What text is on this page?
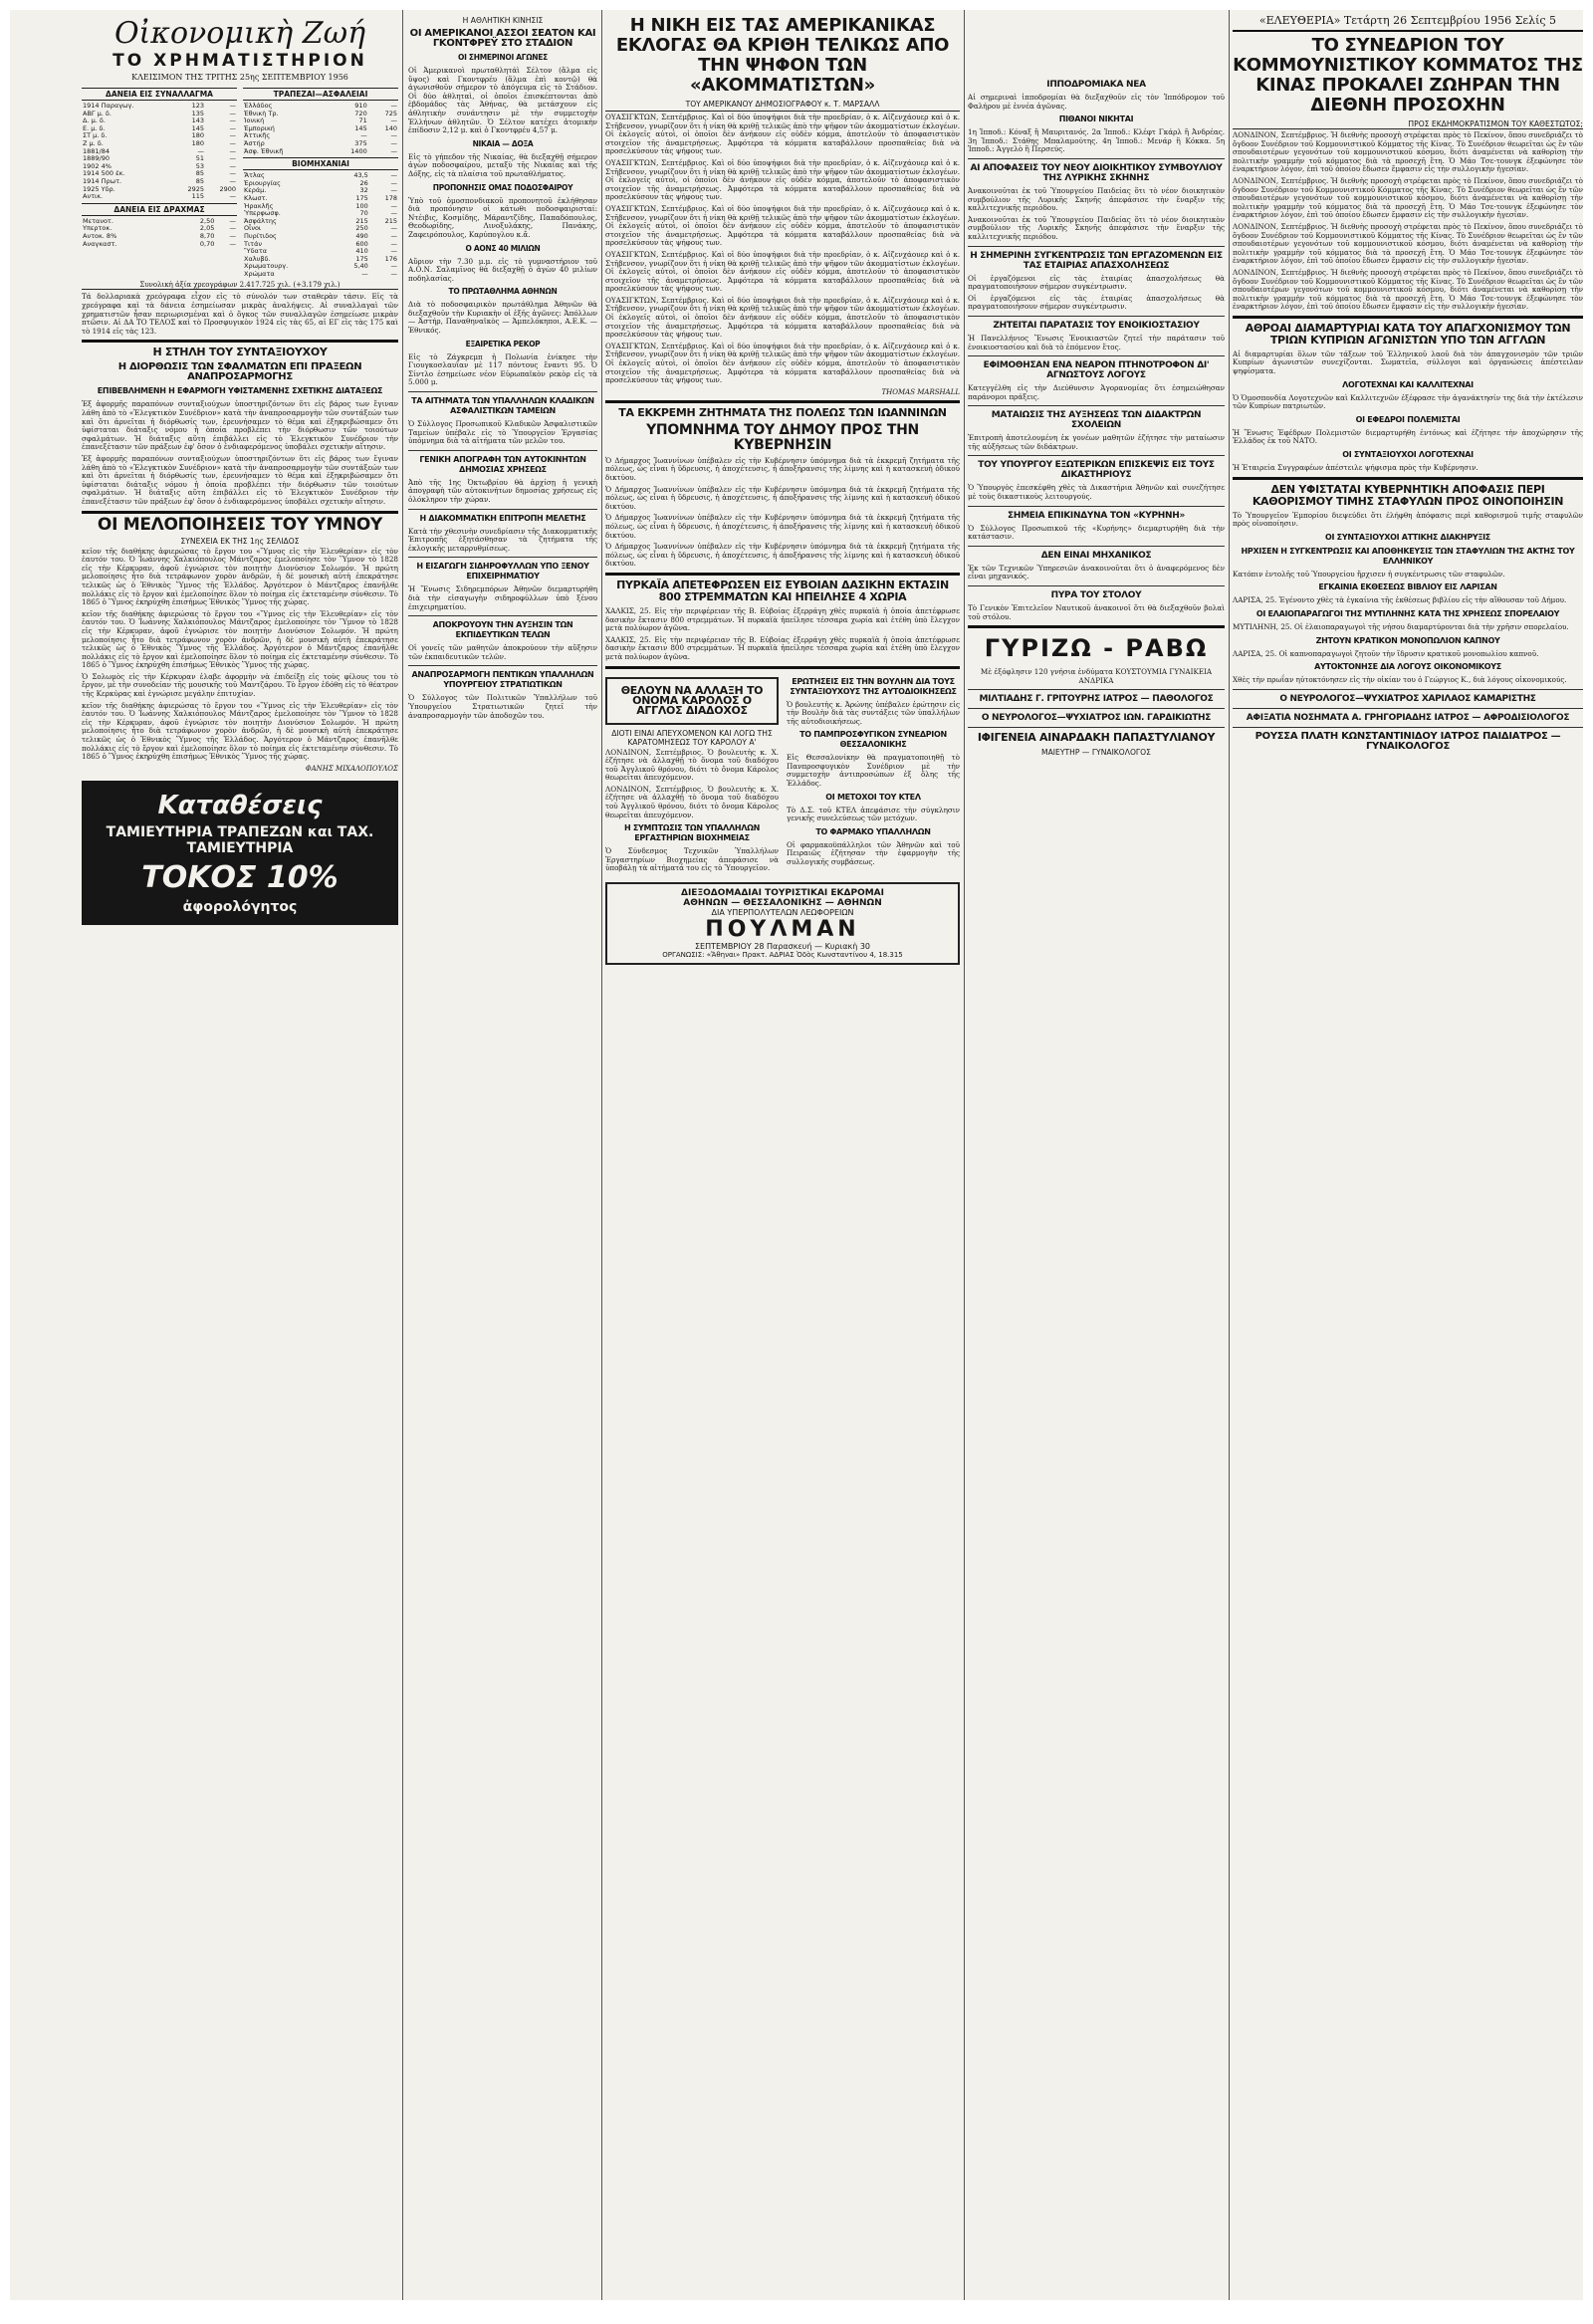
Οἰκονομικὴ Ζωή
ΤΟ ΧΡΗΜΑΤΙΣΤΗΡΙΟΝ
ΚΛΕΙΣΙΜΟΝ ΤΗΣ ΤΡΙΤΗΣ 25ης ΣΕΠΤΕΜΒΡΙΟΥ 1956
ΔΑΝΕΙΑ ΕΙΣ ΣΥΝΑΛΛΑΓΜΑ
1914 Παραγωγ.	123	—
ΑΒΓ μ. δ.	135	—
Δ. μ. δ.	143	—
Ε. μ. δ.	145	—
ΣΤ μ. δ.	180	—
Ζ μ. δ.	180	—
1881/84	—	—
1889/90	51	—
1902 4%	53	—
1914 500 ἐκ.	85	—
1914 Πρωτ.	85	—
1925 Υδρ.	2925	2900
Αντικ.	115	—
ΔΑΝΕΙΑ ΕΙΣ ΔΡΑΧΜΑΣ
Μετανοτ.	2,50	—
Υπερτοκ.	2,05	—
Αντοκ. 8%	8,70	—
Αναγκαστ.	0,70	—
ΤΡΑΠΕΖΑΙ—ΑΣΦΑΛΕΙΑΙ
Ἑλλάδος	910	—
Ἐθνικὴ Τρ.	720	725
Ἰονική	71	—
Ἐμπορική	145	140
Ἀττικῆς	—	—
Ἀστήρ	375	—
Ἀσφ. Ἐθνικῆ	1400	—
ΒΙΟΜΗΧΑΝΙΑΙ
Ἄτλας	43,5	—
Ἐριουργίας	26	—
Κεράμ.	32	—
Κλωστ.	175	178
Ἡρακλῆς	100	—
Ὑπερφωσφ.	70	—
Ἀσφάλτης	215	215
Οἶνοι	250	—
Πυρίτιδος	490	—
Τιτάν	600	—
Ὕδατα	410	—
Χαλυβδ.	175	176
Χρωματουργ.	5,40	—
Χρώματα	—	—
Συνολικὴ ἀξία χρεογράφων 2.417.725 χιλ. (+3.179 χιλ.)
Τά δολλαριακὰ χρεόγραφα εἶχον εἰς τὸ σύνολόν των σταθερὰν τάσιν. Εἰς τὰ χρεόγραφα καὶ τὰ δάνεια ἐσημείωσαν μικρὰς ἀναλήψεις. Αἱ συναλλαγαὶ τῶν χρηματιστῶν ἦσαν περιωρισμέναι καὶ ὁ ὄγκος τῶν συναλλαγῶν ἐσημείωσε μικρὰν πτῶσιν. Αἱ ΔΑ ΤΟ ΤΕΛΟΣ καὶ τὸ Προσφυγικὸν 1924 εἰς τὰς 65, αἱ ΕΓ εἰς τὰς 175 καὶ τὸ 1914 εἰς τὰς 123.
Η ΣΤΗΛΗ ΤΟΥ ΣΥΝΤΑΞΙΟΥΧΟΥ
Η ΔΙΟΡΘΩΣΙΣ ΤΩΝ ΣΦΑΛΜΑΤΩΝ ΕΠΙ ΠΡΑΞΕΩΝ ΑΝΑΠΡΟΣΑΡΜΟΓΗΣ
ΕΠΙΒΕΒΛΗΜΕΝΗ Η ΕΦΑΡΜΟΓΗ ΥΦΙΣΤΑΜΕΝΗΣ ΣΧΕΤΙΚΗΣ ΔΙΑΤΑΞΕΩΣ
Ἐξ ἀφορμῆς παραπόνων συνταξιούχων ὑποστηριζόντων ὅτι εἰς βάρος των ἔγιναν λάθη ἀπὸ τὸ «Ἐλεγκτικὸν Συνέδριον» κατὰ τὴν ἀναπροσαρμογὴν τῶν συντάξεών των καὶ ὅτι ἀρνεῖται ἡ διόρθωσίς των, ἐρευνήσαμεν τὸ θέμα καὶ ἐξηκριβώσαμεν ὅτι ὑφίσταται διάταξις νόμου ἡ ὁποία προβλέπει τὴν διόρθωσιν τῶν τοιούτων σφαλμάτων. Ἡ διάταξις αὕτη ἐπιβάλλει εἰς τὸ Ἐλεγκτικὸν Συνέδριον τὴν ἐπανεξέτασιν τῶν πράξεων ἐφ' ὅσον ὁ ἐνδιαφερόμενος ὑποβάλει σχετικὴν αἴτησιν.
Ἐξ ἀφορμῆς παραπόνων συνταξιούχων ὑποστηριζόντων ὅτι εἰς βάρος των ἔγιναν λάθη ἀπὸ τὸ «Ἐλεγκτικὸν Συνέδριον» κατὰ τὴν ἀναπροσαρμογὴν τῶν συντάξεών των καὶ ὅτι ἀρνεῖται ἡ διόρθωσίς των, ἐρευνήσαμεν τὸ θέμα καὶ ἐξηκριβώσαμεν ὅτι ὑφίσταται διάταξις νόμου ἡ ὁποία προβλέπει τὴν διόρθωσιν τῶν τοιούτων σφαλμάτων. Ἡ διάταξις αὕτη ἐπιβάλλει εἰς τὸ Ἐλεγκτικὸν Συνέδριον τὴν ἐπανεξέτασιν τῶν πράξεων ἐφ' ὅσον ὁ ἐνδιαφερόμενος ὑποβάλει σχετικὴν αἴτησιν.
ΟΙ ΜΕΛΟΠΟΙΗΣΕΙΣ ΤΟΥ ΥΜΝΟΥ
ΣΥΝΕΧΕΙΑ ΕΚ ΤΗΣ 1ης ΣΕΛΙΔΟΣ
κεῖον τῆς διαθήκης ἀφιερώσας τὸ ἔργον του «Ὕμνος εἰς τὴν Ἐλευθερίαν» εἰς τὸν ἑαυτόν του. Ὁ Ἰωάννης Χαλκιόπουλος Μάντζαρος ἐμελοποίησε τὸν Ὕμνον τὸ 1828 εἰς τὴν Κέρκυραν, ἀφοῦ ἐγνώρισε τὸν ποιητὴν Διονύσιον Σολωμόν. Ἡ πρώτη μελοποίησις ἦτο διὰ τετράφωνον χορὸν ἀνδρῶν, ἡ δὲ μουσικὴ αὐτὴ ἐπεκράτησε τελικῶς ὡς ὁ Ἐθνικὸς Ὕμνος τῆς Ἑλλάδος. Ἀργότερον ὁ Μάντζαρος ἐπανῆλθε πολλάκις εἰς τὸ ἔργον καὶ ἐμελοποίησε ὅλον τὸ ποίημα εἰς ἐκτεταμένην σύνθεσιν. Τὸ 1865 ὁ Ὕμνος ἐκηρύχθη ἐπισήμως Ἐθνικὸς Ὕμνος τῆς χώρας.
κεῖον τῆς διαθήκης ἀφιερώσας τὸ ἔργον του «Ὕμνος εἰς τὴν Ἐλευθερίαν» εἰς τὸν ἑαυτόν του. Ὁ Ἰωάννης Χαλκιόπουλος Μάντζαρος ἐμελοποίησε τὸν Ὕμνον τὸ 1828 εἰς τὴν Κέρκυραν, ἀφοῦ ἐγνώρισε τὸν ποιητὴν Διονύσιον Σολωμόν. Ἡ πρώτη μελοποίησις ἦτο διὰ τετράφωνον χορὸν ἀνδρῶν, ἡ δὲ μουσικὴ αὐτὴ ἐπεκράτησε τελικῶς ὡς ὁ Ἐθνικὸς Ὕμνος τῆς Ἑλλάδος. Ἀργότερον ὁ Μάντζαρος ἐπανῆλθε πολλάκις εἰς τὸ ἔργον καὶ ἐμελοποίησε ὅλον τὸ ποίημα εἰς ἐκτεταμένην σύνθεσιν. Τὸ 1865 ὁ Ὕμνος ἐκηρύχθη ἐπισήμως Ἐθνικὸς Ὕμνος τῆς χώρας.
Ὁ Σολωμὸς εἰς τὴν Κέρκυραν ἐλαβε ἀφορμὴν νὰ ἐπιδείξῃ εἰς τοὺς φίλους του τὸ ἔργον, μὲ τὴν συνοδείαν τῆς μουσικῆς τοῦ Μαντζάρου. Τὸ ἔργον ἐδόθη εἰς τὸ θέατρον τῆς Κερκύρας καὶ ἐγνώρισε μεγάλην ἐπιτυχίαν.
κεῖον τῆς διαθήκης ἀφιερώσας τὸ ἔργον του «Ὕμνος εἰς τὴν Ἐλευθερίαν» εἰς τὸν ἑαυτόν του. Ὁ Ἰωάννης Χαλκιόπουλος Μάντζαρος ἐμελοποίησε τὸν Ὕμνον τὸ 1828 εἰς τὴν Κέρκυραν, ἀφοῦ ἐγνώρισε τὸν ποιητὴν Διονύσιον Σολωμόν. Ἡ πρώτη μελοποίησις ἦτο διὰ τετράφωνον χορὸν ἀνδρῶν, ἡ δὲ μουσικὴ αὐτὴ ἐπεκράτησε τελικῶς ὡς ὁ Ἐθνικὸς Ὕμνος τῆς Ἑλλάδος. Ἀργότερον ὁ Μάντζαρος ἐπανῆλθε πολλάκις εἰς τὸ ἔργον καὶ ἐμελοποίησε ὅλον τὸ ποίημα εἰς ἐκτεταμένην σύνθεσιν. Τὸ 1865 ὁ Ὕμνος ἐκηρύχθη ἐπισήμως Ἐθνικὸς Ὕμνος τῆς χώρας.
ΦΑΝΗΣ ΜΙΧΑΛΟΠΟΥΛΟΣ
Καταθέσεις
ΤΑΜΙΕΥΤΗΡΙΑ ΤΡΑΠΕΖΩΝ και ΤΑΧ. ΤΑΜΙΕΥΤΗΡΙΑ
ΤΟΚΟΣ 10%
ἀφορολόγητος
Η ΑΘΛΗΤΙΚΗ ΚΙΝΗΣΙΣ
ΟΙ ΑΜΕΡΙΚΑΝΟΙ ΑΣΣΟΙ ΣΕΑΤΟΝ ΚΑΙ ΓΚΟΝΤΦΡΕΫ ΣΤΟ ΣΤΑΔΙΟΝ
ΟΙ ΣΗΜΕΡΙΝΟΙ ΑΓΩΝΕΣ
Οἱ Ἀμερικανοὶ πρωταθλητάὶ Σέλτον (ἅλμα εἰς ὕψος) καὶ Γκοντφρέυ (ἅλμα ἐπὶ κοντῷ) θὰ ἀγωνισθοῦν σήμερον τὸ ἀπόγευμα εἰς τὸ Στάδιον. Οἱ δύο ἀθληταὶ, οἱ ὁποῖοι ἐπισκέπτονται ἀπὸ ἑβδομάδος τὰς Ἀθήνας, θὰ μετάσχουν εἰς ἀθλητικὴν συνάντησιν μὲ τὴν συμμετοχὴν Ἑλλήνων ἀθλητῶν. Ὁ Σέλτον κατέχει ἀτομικὴν ἐπίδοσιν 2,12 μ. καὶ ὁ Γκοντφρέυ 4,57 μ.
ΝΙΚΑΙΑ — ΔΟΞΑ
Εἰς τὸ γήπεδον τῆς Νικαίας, θὰ διεξαχθῇ σήμερον ἀγὼν ποδοσφαίρου, μεταξὺ τῆς Νικαίας καὶ τῆς Δόξης, εἰς τὰ πλαίσια τοῦ πρωταθλήματος.
ΠΡΟΠΟΝΗΣΙΣ ΟΜΑΣ ΠΟΔΟΣΦΑΙΡΟΥ
Ὑπὸ τοῦ ὁμοσπονδιακοῦ προπονητοῦ ἐκλήθησαν διὰ προπόνησιν οἱ κάτωθι ποδοσφαιρισταί: Ντέιβις, Κοσμίδης, Μάραντζίδης, Παπαδόπουλος, Θεοδωρίδης, Λινοξυλάκης, Πανάκης, Ζαφειρόπουλος, Καρύπογλου κ.ἄ.
Ο ΑΟΝΣ 40 ΜΙΛΙΩΝ
Αὔριον τὴν 7.30 μ.μ. εἰς τὸ γυμναστήριον τοῦ Α.Ο.Ν. Σαλαμῖνος θὰ διεξαχθῇ ὁ ἀγὼν 40 μιλίων ποδηλασίας.
ΤΟ ΠΡΩΤΑΘΛΗΜΑ ΑΘΗΝΩΝ
Διὰ τὸ ποδοσφαιρικὸν πρωτάθλημα Ἀθηνῶν θὰ διεξαχθοῦν τὴν Κυριακὴν οἱ ἑξῆς ἀγῶνες: Ἀπόλλων — Ἀστήρ, Παναθηναϊκὸς — Ἀμπελόκηποι, Α.Ε.Κ. — Ἐθνικός.
ΕΞΑΙΡΕΤΙΚΑ ΡΕΚΟΡ
Εἰς τὸ Ζάγκρεμπ ἡ Πολωνία ἐνίκησε τὴν Γιουγκοσλαυΐαν μὲ 117 πόντους ἔναντι 95. Ὁ Σίντλο ἐσημείωσε νέον Εὐρωπαϊκὸν ρεκὸρ εἰς τὰ 5.000 μ.
ΤΑ ΑΙΤΗΜΑΤΑ ΤΩΝ ΥΠΑΛΛΗΛΩΝ ΚΛΑΔΙΚΩΝ ΑΣΦΑΛΙΣΤΙΚΩΝ ΤΑΜΕΙΩΝ
Ὁ Σύλλογος Προσωπικοῦ Κλαδικῶν Ἀσφαλιστικῶν Ταμείων ὑπέβαλε εἰς τὸ Ὑπουργεῖον Ἐργασίας ὑπόμνημα διὰ τὰ αἰτήματα τῶν μελῶν του.
ΓΕΝΙΚΗ ΑΠΟΓΡΑΦΗ ΤΩΝ ΑΥΤΟΚΙΝΗΤΩΝ ΔΗΜΟΣΙΑΣ ΧΡΗΣΕΩΣ
Ἀπὸ τῆς 1ης Ὀκτωβρίου θὰ ἀρχίσῃ ἡ γενικὴ ἀπογραφὴ τῶν αὐτοκινήτων δημοσίας χρήσεως εἰς ὁλόκληρον τὴν χώραν.
Η ΔΙΑΚΟΜΜΑΤΙΚΗ ΕΠΙΤΡΟΠΗ ΜΕΛΕΤΗΣ
Κατὰ τὴν χθεσινὴν συνεδρίασιν τῆς Διακομματικῆς Ἐπιτροπῆς ἐξητάσθησαν τὰ ζητήματα τῆς ἐκλογικῆς μεταρρυθμίσεως.
Η ΕΙΣΑΓΩΓΗ ΣΙΔΗΡΟΦΥΛΛΩΝ ΥΠΟ ΞΕΝΟΥ ΕΠΙΧΕΙΡΗΜΑΤΙΟΥ
Ἡ Ἕνωσις Σιδηρεμπόρων Ἀθηνῶν διεμαρτυρήθη διὰ τὴν εἰσαγωγὴν σιδηροφύλλων ὑπὸ ξένου ἐπιχειρηματίου.
ΑΠΟΚΡΟΥΟΥΝ ΤΗΝ ΑΥΞΗΣΙΝ ΤΩΝ ΕΚΠΙΔΕΥΤΙΚΩΝ ΤΕΛΩΝ
Οἱ γονεῖς τῶν μαθητῶν ἀποκρούουν τὴν αὔξησιν τῶν ἐκπαιδευτικῶν τελῶν.
ΑΝΑΠΡΟΣΑΡΜΟΓΗ ΠΕΝΤΙΚΩΝ ΥΠΑΛΛΗΛΩΝ ΥΠΟΥΡΓΕΙΟΥ ΣΤΡΑΤΙΩΤΙΚΩΝ
Ὁ Σύλλογος τῶν Πολιτικῶν Ὑπαλλήλων τοῦ Ὑπουργείου Στρατιωτικῶν ζητεῖ τὴν ἀναπροσαρμογὴν τῶν ἀποδοχῶν του.
Η ΝΙΚΗ ΕΙΣ ΤΑΣ ΑΜΕΡΙΚΑΝΙΚΑΣ ΕΚΛΟΓΑΣ ΘΑ ΚΡΙΘΗ ΤΕΛΙΚΩΣ ΑΠΟ ΤΗΝ ΨΗΦΟΝ ΤΩΝ «ΑΚΟΜΜΑΤΙΣΤΩΝ»
ΤΟΥ ΑΜΕΡΙΚΑΝΟΥ ΔΗΜΟΣΙΟΓΡΑΦΟΥ κ. Τ. ΜΑΡΣΑΛΛ
ΟΥΑΣΙΓΚΤΩΝ, Σεπτέμβριος. Καὶ οἱ δύο ὑποψήφιοι διὰ τὴν προεδρίαν, ὁ κ. Αἰζενχάουερ καὶ ὁ κ. Στῆβενσον, γνωρίζουν ὅτι ἡ νίκη θὰ κριθῇ τελικῶς ἀπὸ τὴν ψῆφον τῶν ἀκομματίστων ἐκλογέων. Οἱ ἐκλογεῖς αὐτοὶ, οἱ ὁποῖοι δὲν ἀνήκουν εἰς οὐδὲν κόμμα, ἀποτελοῦν τὸ ἀποφασιστικὸν στοιχεῖον τῆς ἀναμετρήσεως. Ἀμφότερα τὰ κόμματα καταβάλλουν προσπαθείας διὰ νὰ προσελκύσουν τὰς ψήφους των.
ΟΥΑΣΙΓΚΤΩΝ, Σεπτέμβριος. Καὶ οἱ δύο ὑποψήφιοι διὰ τὴν προεδρίαν, ὁ κ. Αἰζενχάουερ καὶ ὁ κ. Στῆβενσον, γνωρίζουν ὅτι ἡ νίκη θὰ κριθῇ τελικῶς ἀπὸ τὴν ψῆφον τῶν ἀκομματίστων ἐκλογέων. Οἱ ἐκλογεῖς αὐτοὶ, οἱ ὁποῖοι δὲν ἀνήκουν εἰς οὐδὲν κόμμα, ἀποτελοῦν τὸ ἀποφασιστικὸν στοιχεῖον τῆς ἀναμετρήσεως. Ἀμφότερα τὰ κόμματα καταβάλλουν προσπαθείας διὰ νὰ προσελκύσουν τὰς ψήφους των.
ΟΥΑΣΙΓΚΤΩΝ, Σεπτέμβριος. Καὶ οἱ δύο ὑποψήφιοι διὰ τὴν προεδρίαν, ὁ κ. Αἰζενχάουερ καὶ ὁ κ. Στῆβενσον, γνωρίζουν ὅτι ἡ νίκη θὰ κριθῇ τελικῶς ἀπὸ τὴν ψῆφον τῶν ἀκομματίστων ἐκλογέων. Οἱ ἐκλογεῖς αὐτοὶ, οἱ ὁποῖοι δὲν ἀνήκουν εἰς οὐδὲν κόμμα, ἀποτελοῦν τὸ ἀποφασιστικὸν στοιχεῖον τῆς ἀναμετρήσεως. Ἀμφότερα τὰ κόμματα καταβάλλουν προσπαθείας διὰ νὰ προσελκύσουν τὰς ψήφους των.
ΟΥΑΣΙΓΚΤΩΝ, Σεπτέμβριος. Καὶ οἱ δύο ὑποψήφιοι διὰ τὴν προεδρίαν, ὁ κ. Αἰζενχάουερ καὶ ὁ κ. Στῆβενσον, γνωρίζουν ὅτι ἡ νίκη θὰ κριθῇ τελικῶς ἀπὸ τὴν ψῆφον τῶν ἀκομματίστων ἐκλογέων. Οἱ ἐκλογεῖς αὐτοὶ, οἱ ὁποῖοι δὲν ἀνήκουν εἰς οὐδὲν κόμμα, ἀποτελοῦν τὸ ἀποφασιστικὸν στοιχεῖον τῆς ἀναμετρήσεως. Ἀμφότερα τὰ κόμματα καταβάλλουν προσπαθείας διὰ νὰ προσελκύσουν τὰς ψήφους των.
ΟΥΑΣΙΓΚΤΩΝ, Σεπτέμβριος. Καὶ οἱ δύο ὑποψήφιοι διὰ τὴν προεδρίαν, ὁ κ. Αἰζενχάουερ καὶ ὁ κ. Στῆβενσον, γνωρίζουν ὅτι ἡ νίκη θὰ κριθῇ τελικῶς ἀπὸ τὴν ψῆφον τῶν ἀκομματίστων ἐκλογέων. Οἱ ἐκλογεῖς αὐτοὶ, οἱ ὁποῖοι δὲν ἀνήκουν εἰς οὐδὲν κόμμα, ἀποτελοῦν τὸ ἀποφασιστικὸν στοιχεῖον τῆς ἀναμετρήσεως. Ἀμφότερα τὰ κόμματα καταβάλλουν προσπαθείας διὰ νὰ προσελκύσουν τὰς ψήφους των.
ΟΥΑΣΙΓΚΤΩΝ, Σεπτέμβριος. Καὶ οἱ δύο ὑποψήφιοι διὰ τὴν προεδρίαν, ὁ κ. Αἰζενχάουερ καὶ ὁ κ. Στῆβενσον, γνωρίζουν ὅτι ἡ νίκη θὰ κριθῇ τελικῶς ἀπὸ τὴν ψῆφον τῶν ἀκομματίστων ἐκλογέων. Οἱ ἐκλογεῖς αὐτοὶ, οἱ ὁποῖοι δὲν ἀνήκουν εἰς οὐδὲν κόμμα, ἀποτελοῦν τὸ ἀποφασιστικὸν στοιχεῖον τῆς ἀναμετρήσεως. Ἀμφότερα τὰ κόμματα καταβάλλουν προσπαθείας διὰ νὰ προσελκύσουν τὰς ψήφους των.
THOMAS MARSHALL
ΤΑ ΕΚΚΡΕΜΗ ΖΗΤΗΜΑΤΑ ΤΗΣ ΠΟΛΕΩΣ ΤΩΝ ΙΩΑΝΝΙΝΩΝ
ΥΠΟΜΝΗΜΑ ΤΟΥ ΔΗΜΟΥ ΠΡΟΣ ΤΗΝ ΚΥΒΕΡΝΗΣΙΝ
Ὁ Δήμαρχος Ἰωαννίνων ὑπέβαλεν εἰς τὴν Κυβέρνησιν ὑπόμνημα διὰ τὰ ἐκκρεμῆ ζητήματα τῆς πόλεως, ὡς εἶναι ἡ ὕδρευσις, ἡ ἀποχέτευσις, ἡ ἀποξήρανσις τῆς λίμνης καὶ ἡ κατασκευὴ ὁδικοῦ δικτύου.
Ὁ Δήμαρχος Ἰωαννίνων ὑπέβαλεν εἰς τὴν Κυβέρνησιν ὑπόμνημα διὰ τὰ ἐκκρεμῆ ζητήματα τῆς πόλεως, ὡς εἶναι ἡ ὕδρευσις, ἡ ἀποχέτευσις, ἡ ἀποξήρανσις τῆς λίμνης καὶ ἡ κατασκευὴ ὁδικοῦ δικτύου.
Ὁ Δήμαρχος Ἰωαννίνων ὑπέβαλεν εἰς τὴν Κυβέρνησιν ὑπόμνημα διὰ τὰ ἐκκρεμῆ ζητήματα τῆς πόλεως, ὡς εἶναι ἡ ὕδρευσις, ἡ ἀποχέτευσις, ἡ ἀποξήρανσις τῆς λίμνης καὶ ἡ κατασκευὴ ὁδικοῦ δικτύου.
Ὁ Δήμαρχος Ἰωαννίνων ὑπέβαλεν εἰς τὴν Κυβέρνησιν ὑπόμνημα διὰ τὰ ἐκκρεμῆ ζητήματα τῆς πόλεως, ὡς εἶναι ἡ ὕδρευσις, ἡ ἀποχέτευσις, ἡ ἀποξήρανσις τῆς λίμνης καὶ ἡ κατασκευὴ ὁδικοῦ δικτύου.
ΠΥΡΚΑΪΑ ΑΠΕΤΕΦΡΩΣΕΝ ΕΙΣ ΕΥΒΟΙΑΝ ΔΑΣΙΚΗΝ ΕΚΤΑΣΙΝ 800 ΣΤΡΕΜΜΑΤΩΝ ΚΑΙ ΗΠΕΙΛΗΣΕ 4 ΧΩΡΙΑ
ΧΑΛΚΙΣ, 25. Εἰς τὴν περιφέρειαν τῆς Β. Εὐβοίας ἐξερράγη χθὲς πυρκαϊὰ ἡ ὁποία ἀπετέφρωσε δασικὴν ἔκτασιν 800 στρεμμάτων. Ἡ πυρκαϊὰ ἠπείλησε τέσσαρα χωρία καὶ ἐτέθη ὑπὸ ἔλεγχον μετὰ πολύωρον ἀγῶνα.
ΧΑΛΚΙΣ, 25. Εἰς τὴν περιφέρειαν τῆς Β. Εὐβοίας ἐξερράγη χθὲς πυρκαϊὰ ἡ ὁποία ἀπετέφρωσε δασικὴν ἔκτασιν 800 στρεμμάτων. Ἡ πυρκαϊὰ ἠπείλησε τέσσαρα χωρία καὶ ἐτέθη ὑπὸ ἔλεγχον μετὰ πολύωρον ἀγῶνα.
ΘΕΛΟΥΝ ΝΑ ΑΛΛΑΞΗ ΤΟ ΟΝΟΜΑ ΚΑΡΟΛΟΣ Ο ΑΓΓΛΟΣ ΔΙΑΔΟΧΟΣ
ΔΙΟΤΙ ΕΙΝΑΙ ΑΠΕΥΧΟΜΕΝΟΝ ΚΑΙ ΛΟΓΩ ΤΗΣ ΚΑΡΑΤΟΜΗΣΕΩΣ ΤΟΥ ΚΑΡΟΛΟΥ Α'
ΛΟΝΔΙΝΟΝ, Σεπτέμβριος. Ὁ βουλευτὴς κ. Χ. ἐζήτησε νὰ ἀλλαχθῇ τὸ ὄνομα τοῦ διαδόχου τοῦ Ἀγγλικοῦ θρόνου, διότι τὸ ὄνομα Κάρολος θεωρεῖται ἀπευχόμενον.
ΛΟΝΔΙΝΟΝ, Σεπτέμβριος. Ὁ βουλευτὴς κ. Χ. ἐζήτησε νὰ ἀλλαχθῇ τὸ ὄνομα τοῦ διαδόχου τοῦ Ἀγγλικοῦ θρόνου, διότι τὸ ὄνομα Κάρολος θεωρεῖται ἀπευχόμενον.
Η ΣΥΜΠΤΩΣΙΣ ΤΩΝ ΥΠΑΛΛΗΛΩΝ ΕΡΓΑΣΤΗΡΙΩΝ ΒΙΟΧΗΜΕΙΑΣ
Ὁ Σύνδεσμος Τεχνικῶν Ὑπαλλήλων Ἐργαστηρίων Βιοχημείας ἀπεφάσισε νὰ ὑποβάλῃ τὰ αἰτήματά του εἰς τὸ Ὑπουργεῖον.
ΕΡΩΤΗΣΕΙΣ ΕΙΣ ΤΗΝ ΒΟΥΛΗΝ ΔΙΑ ΤΟΥΣ ΣΥΝΤΑΞΙΟΥΧΟΥΣ ΤΗΣ ΑΥΤΟΔΙΟΙΚΗΣΕΩΣ
Ὁ βουλευτὴς κ. Ἀρώνης ὑπέβαλεν ἐρώτησιν εἰς τὴν Βουλὴν διὰ τὰς συντάξεις τῶν ὑπαλλήλων τῆς αὐτοδιοικήσεως.
ΤΟ ΠΑΜΠΡΟΣΦΥΓΙΚΟΝ ΣΥΝΕΔΡΙΟΝ ΘΕΣΣΑΛΟΝΙΚΗΣ
Εἰς Θεσσαλονίκην θὰ πραγματοποιηθῇ τὸ Πανπροσφυγικὸν Συνέδριον μὲ τὴν συμμετοχὴν ἀντιπροσώπων ἐξ ὅλης τῆς Ἑλλάδος.
ΟΙ ΜΕΤΟΧΟΙ ΤΟΥ ΚΤΕΛ
Τὸ Δ.Σ. τοῦ ΚΤΕΛ ἀπεφάσισε τὴν σύγκλησιν γενικῆς συνελεύσεως τῶν μετόχων.
ΤΟ ΦΑΡΜΑΚΟ ΥΠΑΛΛΗΛΩΝ
Οἱ φαρμακοϋπάλληλοι τῶν Ἀθηνῶν καὶ τοῦ Πειραιῶς ἐζήτησαν τὴν ἐφαρμογὴν τῆς συλλογικῆς συμβάσεως.
ΔΙΕΞΟΔΟΜΑΔΙΑΙ ΤΟΥΡΙΣΤΙΚΑΙ ΕΚΔΡΟΜΑΙ
ΑΘΗΝΩΝ — ΘΕΣΣΑΛΟΝΙΚΗΣ — ΑΘΗΝΩΝ
ΔΙΑ ΥΠΕΡΠΟΛΥΤΕΛΩΝ ΛΕΩΦΟΡΕΙΩΝ
ΠΟΥΛΜΑΝ
ΣΕΠΤΕΜΒΡΙΟΥ 28 Παρασκευή — Κυριακὴ 30
ΟΡΓΑΝΩΣΙΣ: «Ἄθηναι» Πρακτ. ΑΔΡΙΑΣ Ὁδὸς Κωνσταντίνου 4, 18.315
ΙΠΠΟΔΡΟΜΙΑΚΑ ΝΕΑ
Αἱ σημεριναὶ ἱπποδρομίαι θὰ διεξαχθοῦν εἰς τὸν Ἱππόδρομον τοῦ Φαλήρου μὲ ἐννέα ἀγῶνας.
ΠΙΘΑΝΟΙ ΝΙΚΗΤΑΙ
1η Ἱπποδ.: Κόναξ ἢ Μαυριτανός. 2α Ἱπποδ.: Κλέφτ Γκάρλ ἢ Ἀνδρέας. 3η Ἱπποδ.: Στάθης Μπαλαμούτης. 4η Ἱπποδ.: Μενάρ ἢ Κόκκα. 5η Ἱπποδ.: Ἀγγελὸ ἢ Περσεύς.
ΑΙ ΑΠΟΦΑΣΕΙΣ ΤΟΥ ΝΕΟΥ ΔΙΟΙΚΗΤΙΚΟΥ ΣΥΜΒΟΥΛΙΟΥ ΤΗΣ ΛΥΡΙΚΗΣ ΣΚΗΝΗΣ
Ἀνακοινοῦται ἐκ τοῦ Ὑπουργείου Παιδείας ὅτι τὸ νέον διοικητικὸν συμβούλιον τῆς Λυρικῆς Σκηνῆς ἀπεφάσισε τὴν ἔναρξιν τῆς καλλιτεχνικῆς περιόδου.
Ἀνακοινοῦται ἐκ τοῦ Ὑπουργείου Παιδείας ὅτι τὸ νέον διοικητικὸν συμβούλιον τῆς Λυρικῆς Σκηνῆς ἀπεφάσισε τὴν ἔναρξιν τῆς καλλιτεχνικῆς περιόδου.
Η ΣΗΜΕΡΙΝΗ ΣΥΓΚΕΝΤΡΩΣΙΣ ΤΩΝ ΕΡΓΑΖΟΜΕΝΩΝ ΕΙΣ ΤΑΣ ΕΤΑΙΡΙΑΣ ΑΠΑΣΧΟΛΗΣΕΩΣ
Οἱ ἐργαζόμενοι εἰς τὰς ἑταιρίας ἀπασχολήσεως θὰ πραγματοποιήσουν σήμερον συγκέντρωσιν.
Οἱ ἐργαζόμενοι εἰς τὰς ἑταιρίας ἀπασχολήσεως θὰ πραγματοποιήσουν σήμερον συγκέντρωσιν.
ΖΗΤΕΙΤΑΙ ΠΑΡΑΤΑΣΙΣ ΤΟΥ ΕΝΟΙΚΙΟΣΤΑΣΙΟΥ
Ἡ Πανελλήνιος Ἕνωσις Ἐνοικιαστῶν ζητεῖ τὴν παράτασιν τοῦ ἐνοικιοστασίου καὶ διὰ τὸ ἐπόμενον ἔτος.
ΕΦΙΜΟΘΗΣΑΝ ΕΝΑ ΝΕΑΡΟΝ ΠΤΗΝΟΤΡΟΦΟΝ ΔΙ' ΑΓΝΩΣΤΟΥΣ ΛΟΓΟΥΣ
Κατεγγέλθη εἰς τὴν Διεύθυνσιν Ἀγορανομίας ὅτι ἐσημειώθησαν παράνομοι πράξεις.
ΜΑΤΑΙΩΣΙΣ ΤΗΣ ΑΥΞΗΣΕΩΣ ΤΩΝ ΔΙΔΑΚΤΡΩΝ ΣΧΟΛΕΙΩΝ
Ἐπιτροπὴ ἀποτελουμένη ἐκ γονέων μαθητῶν ἐζήτησε τὴν ματαίωσιν τῆς αὐξήσεως τῶν διδάκτρων.
ΤΟΥ ΥΠΟΥΡΓΟΥ ΕΞΩΤΕΡΙΚΩΝ ΕΠΙΣΚΕΨΙΣ ΕΙΣ ΤΟΥΣ ΔΙΚΑΣΤΗΡΙΟΥΣ
Ὁ Ὑπουργὸς ἐπεσκέφθη χθὲς τὰ Δικαστήρια Ἀθηνῶν καὶ συνεζήτησε μὲ τοὺς δικαστικοὺς λειτουργούς.
ΣΗΜΕΙΑ ΕΠΙΚΙΝΔΥΝΑ ΤΟΝ «ΚΥΡΗΝΗ»
Ὁ Σύλλογος Προσωπικοῦ τῆς «Κυρήνης» διεμαρτυρήθη διὰ τὴν κατάστασιν.
ΔΕΝ ΕΙΝΑΙ ΜΗΧΑΝΙΚΟΣ
Ἐκ τῶν Τεχνικῶν Ὑπηρεσιῶν ἀνακοινοῦται ὅτι ὁ ἀναφερόμενος δὲν εἶναι μηχανικός.
ΠΥΡΑ ΤΟΥ ΣΤΟΛΟΥ
Τὸ Γενικὸν Ἐπιτελεῖον Ναυτικοῦ ἀνακοινοῖ ὅτι θὰ διεξαχθοῦν βολαὶ τοῦ στόλου.
ΓΥΡΙΖΩ - ΡΑΒΩ
Μὲ ἐξόφλησιν 120 γνήσια ἐνδύματα ΚΟΥΣΤΟΥΜΙΑ ΓΥΝΑΙΚΕΙΑ ΑΝΔΡΙΚΑ
ΜΙΛΤΙΑΔΗΣ Γ. ΓΡΙΤΟΥΡΗΣ ΙΑΤΡΟΣ — ΠΑΘΟΛΟΓΟΣ
Ο ΝΕΥΡΟΛΟΓΟΣ—ΨΥΧΙΑΤΡΟΣ ΙΩΝ. ΓΑΡΔΙΚΙΩΤΗΣ
ΙΦΙΓΕΝΕΙΑ ΑΙΝΑΡΔΑΚΗ ΠΑΠΑΣΤΥΛΙΑΝΟΥ
ΜΑΙΕΥΤΗΡ — ΓΥΝΑΙΚΟΛΟΓΟΣ
«ΕΛΕΥΘΕΡΙΑ» Τετάρτη 26 Σεπτεμβρίου 1956 Σελίς 5
ΤΟ ΣΥΝΕΔΡΙΟΝ ΤΟΥ ΚΟΜΜΟΥΝΙΣΤΙΚΟΥ ΚΟΜΜΑΤΟΣ ΤΗΣ ΚΙΝΑΣ ΠΡΟΚΑΛΕΙ ΖΩΗΡΑΝ ΤΗΝ ΔΙΕΘΝΗ ΠΡΟΣΟΧΗΝ
ΠΡΟΣ ΕΚΔΗΜΟΚΡΑΤΙΣΜΟΝ ΤΟΥ ΚΑΘΕΣΤΩΤΟΣ;
ΛΟΝΔΙΝΟΝ, Σεπτέμβριος. Ἡ διεθνὴς προσοχὴ στρέφεται πρὸς τὸ Πεκίνον, ὅπου συνεδριάζει τὸ ὄγδοον Συνέδριον τοῦ Κομμουνιστικοῦ Κόμματος τῆς Κίνας. Τὸ Συνέδριον θεωρεῖται ὡς ἓν τῶν σπουδαιοτέρων γεγονότων τοῦ κομμουνιστικοῦ κόσμου, διότι ἀναμένεται νὰ καθορίσῃ τὴν πολιτικὴν γραμμὴν τοῦ κόμματος διὰ τὰ προσεχῆ ἔτη. Ὁ Μάο Τσε-τουνγκ ἐξεφώνησε τὸν ἐναρκτήριον λόγον, ἐπὶ τοῦ ὁποίου ἔδωσεν ἔμφασιν εἰς τὴν συλλογικὴν ἡγεσίαν.
ΛΟΝΔΙΝΟΝ, Σεπτέμβριος. Ἡ διεθνὴς προσοχὴ στρέφεται πρὸς τὸ Πεκίνον, ὅπου συνεδριάζει τὸ ὄγδοον Συνέδριον τοῦ Κομμουνιστικοῦ Κόμματος τῆς Κίνας. Τὸ Συνέδριον θεωρεῖται ὡς ἓν τῶν σπουδαιοτέρων γεγονότων τοῦ κομμουνιστικοῦ κόσμου, διότι ἀναμένεται νὰ καθορίσῃ τὴν πολιτικὴν γραμμὴν τοῦ κόμματος διὰ τὰ προσεχῆ ἔτη. Ὁ Μάο Τσε-τουνγκ ἐξεφώνησε τὸν ἐναρκτήριον λόγον, ἐπὶ τοῦ ὁποίου ἔδωσεν ἔμφασιν εἰς τὴν συλλογικὴν ἡγεσίαν.
ΛΟΝΔΙΝΟΝ, Σεπτέμβριος. Ἡ διεθνὴς προσοχὴ στρέφεται πρὸς τὸ Πεκίνον, ὅπου συνεδριάζει τὸ ὄγδοον Συνέδριον τοῦ Κομμουνιστικοῦ Κόμματος τῆς Κίνας. Τὸ Συνέδριον θεωρεῖται ὡς ἓν τῶν σπουδαιοτέρων γεγονότων τοῦ κομμουνιστικοῦ κόσμου, διότι ἀναμένεται νὰ καθορίσῃ τὴν πολιτικὴν γραμμὴν τοῦ κόμματος διὰ τὰ προσεχῆ ἔτη. Ὁ Μάο Τσε-τουνγκ ἐξεφώνησε τὸν ἐναρκτήριον λόγον, ἐπὶ τοῦ ὁποίου ἔδωσεν ἔμφασιν εἰς τὴν συλλογικὴν ἡγεσίαν.
ΛΟΝΔΙΝΟΝ, Σεπτέμβριος. Ἡ διεθνὴς προσοχὴ στρέφεται πρὸς τὸ Πεκίνον, ὅπου συνεδριάζει τὸ ὄγδοον Συνέδριον τοῦ Κομμουνιστικοῦ Κόμματος τῆς Κίνας. Τὸ Συνέδριον θεωρεῖται ὡς ἓν τῶν σπουδαιοτέρων γεγονότων τοῦ κομμουνιστικοῦ κόσμου, διότι ἀναμένεται νὰ καθορίσῃ τὴν πολιτικὴν γραμμὴν τοῦ κόμματος διὰ τὰ προσεχῆ ἔτη. Ὁ Μάο Τσε-τουνγκ ἐξεφώνησε τὸν ἐναρκτήριον λόγον, ἐπὶ τοῦ ὁποίου ἔδωσεν ἔμφασιν εἰς τὴν συλλογικὴν ἡγεσίαν.
ΑΘΡΟΑΙ ΔΙΑΜΑΡΤΥΡΙΑΙ ΚΑΤΑ ΤΟΥ ΑΠΑΓΧΟΝΙΣΜΟΥ ΤΩΝ ΤΡΙΩΝ ΚΥΠΡΙΩΝ ΑΓΩΝΙΣΤΩΝ ΥΠΟ ΤΩΝ ΑΓΓΛΩΝ
Αἱ διαμαρτυρίαι ὅλων τῶν τάξεων τοῦ Ἑλληνικοῦ λαοῦ διὰ τὸν ἀπαγχονισμὸν τῶν τριῶν Κυπρίων ἀγωνιστῶν συνεχίζονται. Σωματεῖα, σύλλογοι καὶ ὀργανώσεις ἀπέστειλαν ψηφίσματα.
ΛΟΓΟΤΕΧΝΑΙ ΚΑΙ ΚΑΛΛΙΤΕΧΝΑΙ
Ὁ Ὁμοσπονδία Λογοτεχνῶν καὶ Καλλιτεχνῶν ἐξέφρασε τὴν ἀγανάκτησίν της διὰ τὴν ἐκτέλεσιν τῶν Κυπρίων πατριωτῶν.
ΟΙ ΕΦΕΔΡΟΙ ΠΟΛΕΜΙΣΤΑΙ
Ἡ Ἕνωσις Ἐφέδρων Πολεμιστῶν διεμαρτυρήθη ἐντόνως καὶ ἐζήτησε τὴν ἀποχώρησιν τῆς Ἑλλάδος ἐκ τοῦ ΝΑΤΟ.
ΟΙ ΣΥΝΤΑΞΙΟΥΧΟΙ ΛΟΓΟΤΕΧΝΑΙ
Ἡ Ἑταιρεία Συγγραφέων ἀπέστειλε ψήφισμα πρὸς τὴν Κυβέρνησιν.
ΔΕΝ ΥΦΙΣΤΑΤΑΙ ΚΥΒΕΡΝΗΤΙΚΗ ΑΠΟΦΑΣΙΣ ΠΕΡΙ ΚΑΘΟΡΙΣΜΟΥ ΤΙΜΗΣ ΣΤΑΦΥΛΩΝ ΠΡΟΣ ΟΙΝΟΠΟΙΗΣΙΝ
Τὸ Ὑπουργεῖον Ἐμπορίου διεψεύδει ὅτι ἐλήφθη ἀπόφασις περὶ καθορισμοῦ τιμῆς σταφυλῶν πρὸς οἰνοποίησιν.
ΟΙ ΣΥΝΤΑΞΙΟΥΧΟΙ ΑΤΤΙΚΗΣ ΔΙΑΚΗΡΥΞΙΣ
ΗΡΧΙΣΕΝ Η ΣΥΓΚΕΝΤΡΩΣΙΣ ΚΑΙ ΑΠΟΘΗΚΕΥΣΙΣ ΤΩΝ ΣΤΑΦΥΛΙΩΝ ΤΗΣ ΑΚΤΗΣ ΤΟΥ ΕΛΛΗΝΙΚΟΥ
Κατόπιν ἐντολῆς τοῦ Ὑπουργείου ἤρχισεν ἡ συγκέντρωσις τῶν σταφυλῶν.
ΕΓΚΑΙΝΙΑ ΕΚΘΕΣΕΩΣ ΒΙΒΛΙΟΥ ΕΙΣ ΛΑΡΙΣΑΝ
ΛΑΡΙΣΑ, 25. Ἐγένοντο χθὲς τὰ ἐγκαίνια τῆς ἐκθέσεως βιβλίου εἰς τὴν αἴθουσαν τοῦ Δήμου.
ΟΙ ΕΛΑΙΟΠΑΡΑΓΩΓΟΙ ΤΗΣ ΜΥΤΙΛΗΝΗΣ ΚΑΤΑ ΤΗΣ ΧΡΗΣΕΩΣ ΣΠΟΡΕΛΑΙΟΥ
ΜΥΤΙΛΗΝΗ, 25. Οἱ ἐλαιοπαραγωγοὶ τῆς νήσου διαμαρτύρονται διὰ τὴν χρῆσιν σπορελαίου.
ΖΗΤΟΥΝ ΚΡΑΤΙΚΟΝ ΜΟΝΟΠΩΛΙΟΝ ΚΑΠΝΟΥ
ΛΑΡΙΣΑ, 25. Οἱ καπνοπαραγωγοὶ ζητοῦν τὴν ἵδρυσιν κρατικοῦ μονοπωλίου καπνοῦ.
ΑΥΤΟΚΤΟΝΗΣΕ ΔΙΑ ΛΟΓΟΥΣ ΟΙΚΟΝΟΜΙΚΟΥΣ
Χθὲς τὴν πρωΐαν ηὐτοκτόνησεν εἰς τὴν οἰκίαν του ὁ Γεώργιος Κ., διὰ λόγους οἰκονομικούς.
Ο ΝΕΥΡΟΛΟΓΟΣ—ΨΥΧΙΑΤΡΟΣ ΧΑΡΙΛΑΟΣ ΚΑΜΑΡΙΣΤΗΣ
ΑΦΙΞΑΤΙΑ ΝΟΣΗΜΑΤΑ Α. ΓΡΗΓΟΡΙΑΔΗΣ ΙΑΤΡΟΣ — ΑΦΡΟΔΙΣΙΟΛΟΓΟΣ
ΡΟΥΣΣΑ ΠΛΑΤΗ ΚΩΝΣΤΑΝΤΙΝΙΔΟΥ ΙΑΤΡΟΣ ΠΑΙΔΙΑΤΡΟΣ — ΓΥΝΑΙΚΟΛΟΓΟΣ
